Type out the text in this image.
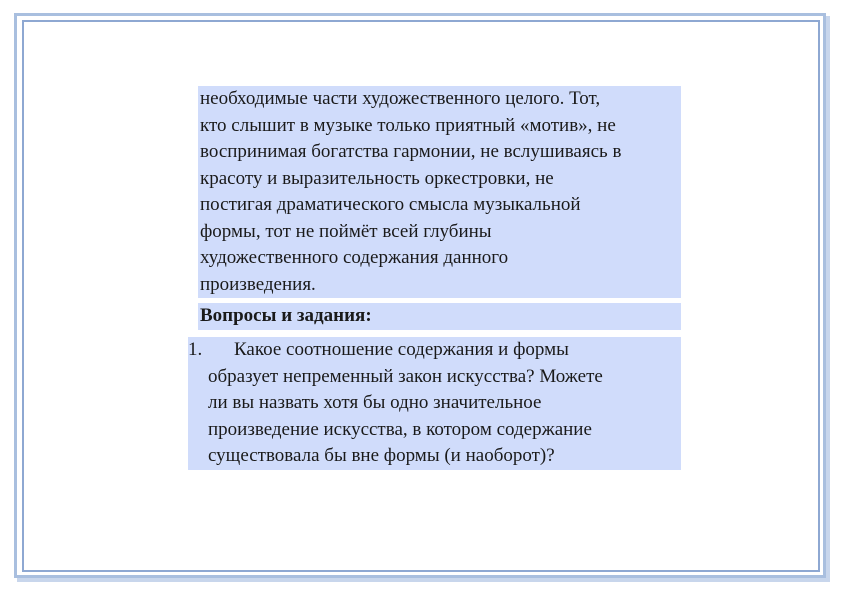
необходимые части художественного целого. Тот,
кто слышит в музыке только приятный «мотив», не
воспринимая богатства гармонии, не вслушиваясь в
красоту и выразительность оркестровки, не
постигая драматического смысла музыкальной
формы, тот не поймёт всей глубины
художественного содержания данного
произведения.
Вопросы и задания:
1. Какое соотношение содержания и формы
образует непременный закон искусства? Можете
ли вы назвать хотя бы одно значительное
произведение искусства, в котором содержание
существовала бы вне формы (и наоборот)?
